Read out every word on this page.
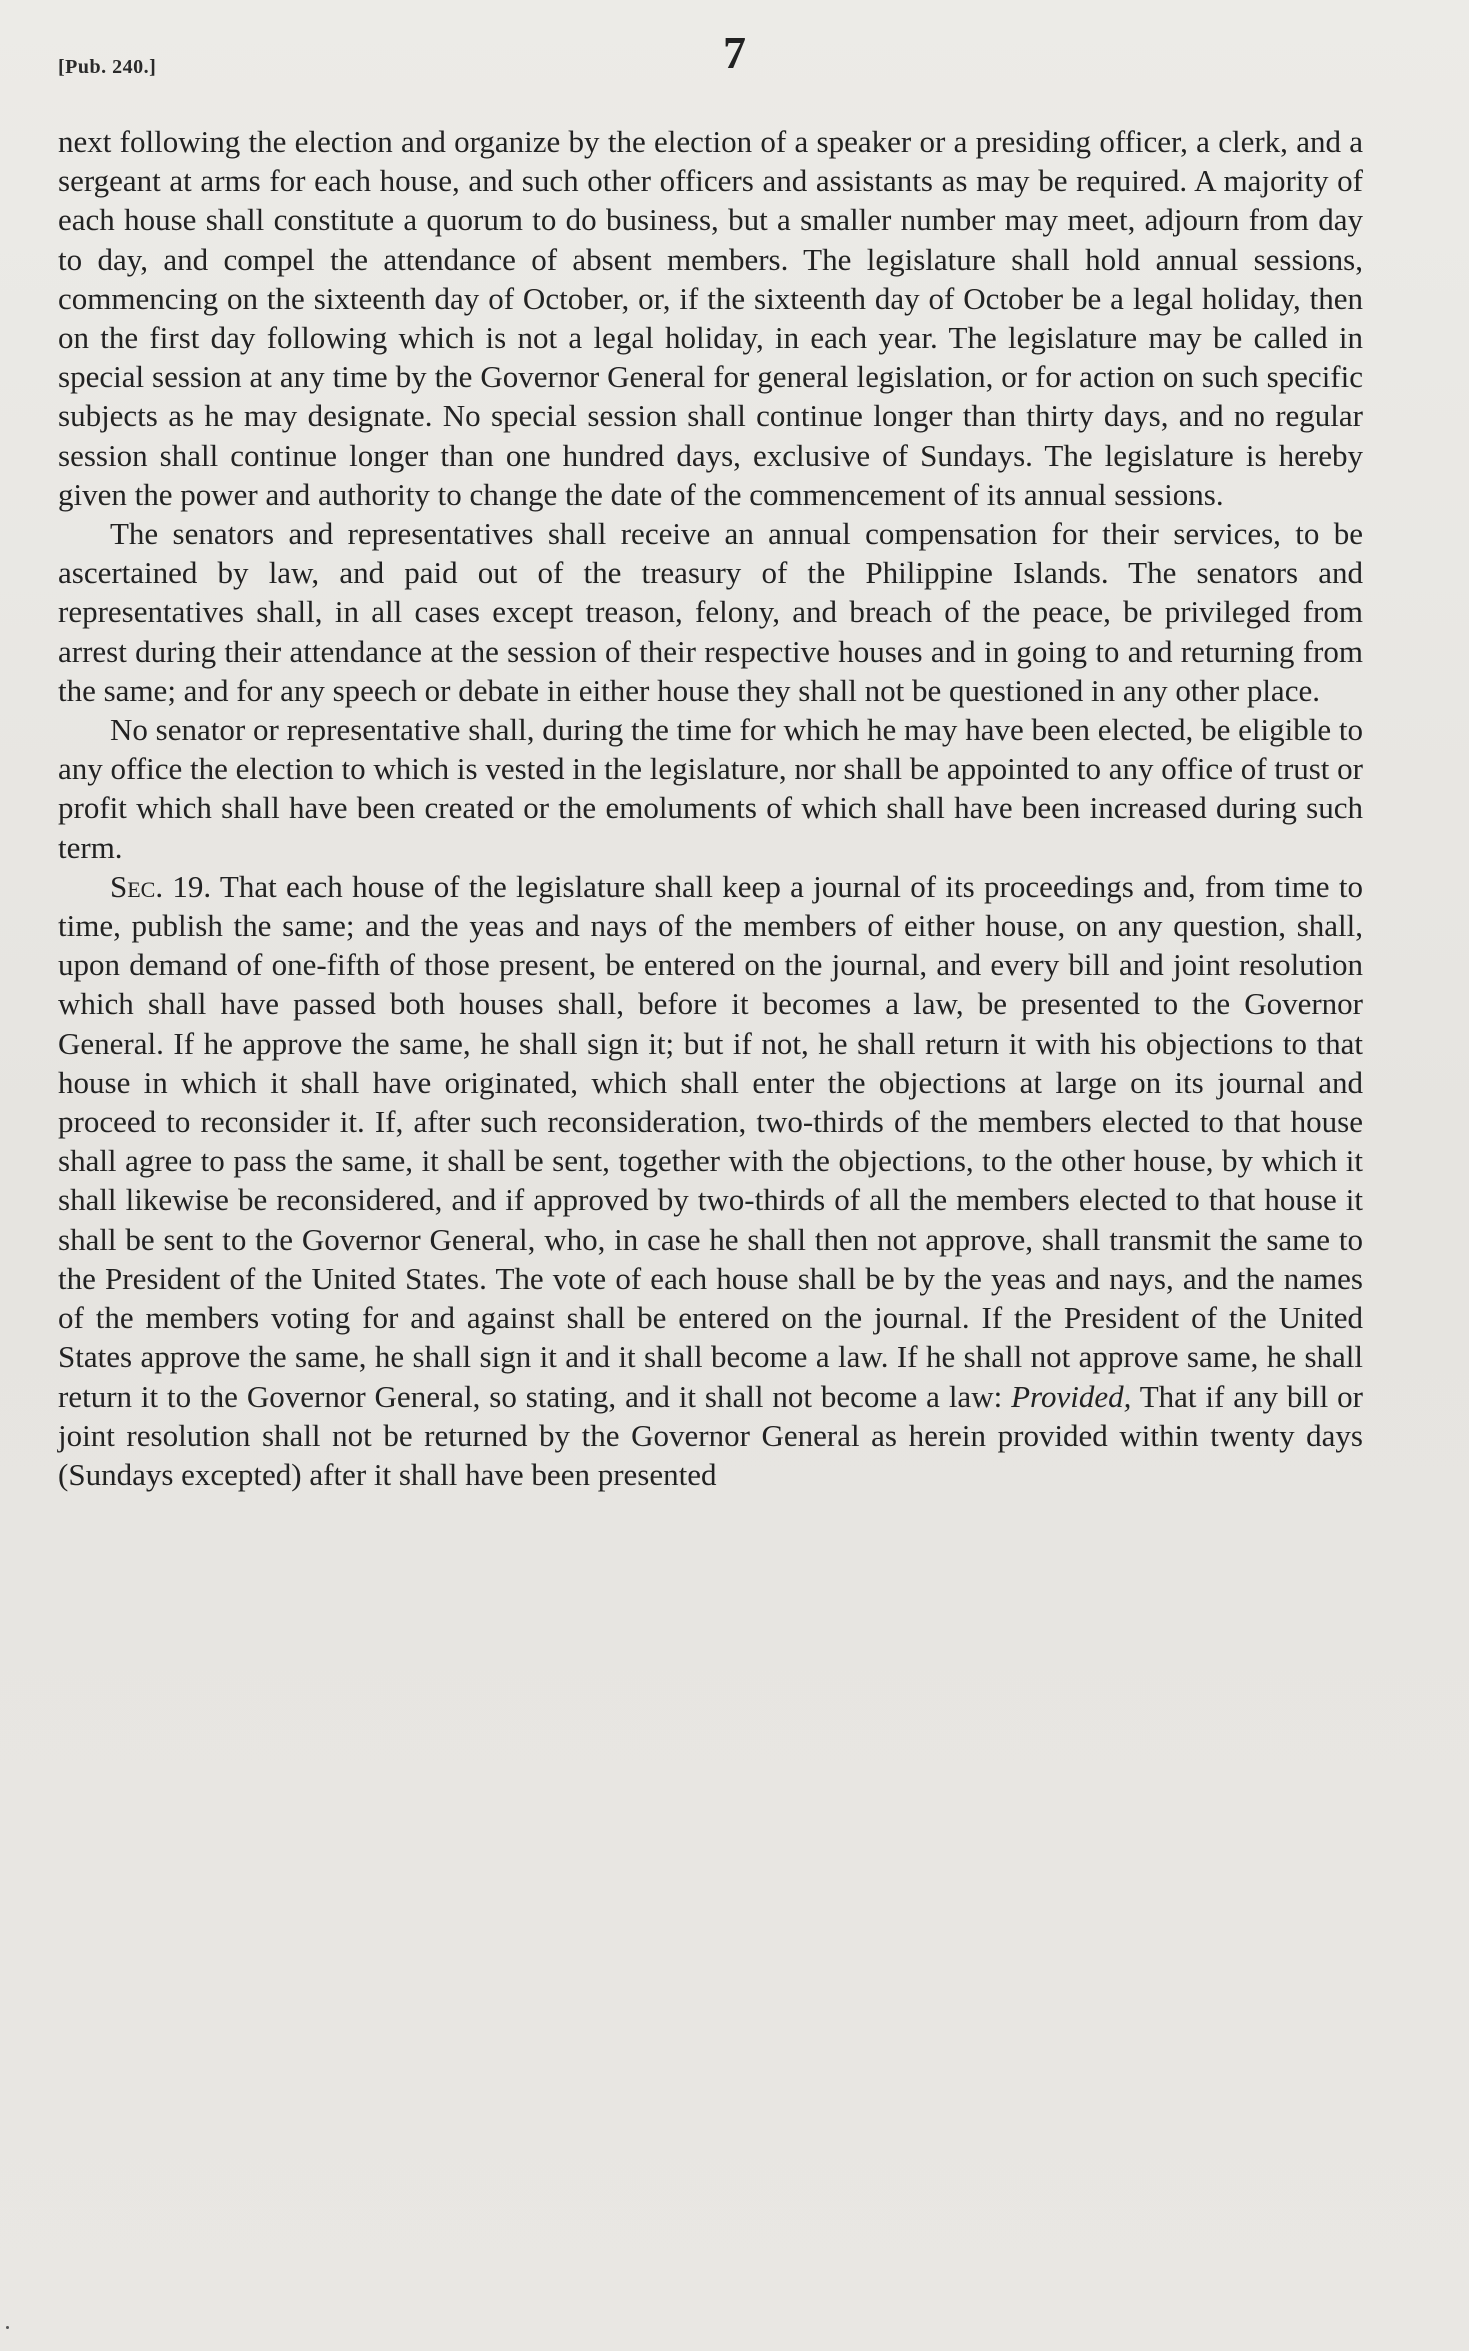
[Pub. 240.]	7

next following the election and organize by the election of a speaker or a presiding officer, a clerk, and a sergeant at arms for each house, and such other officers and assistants as may be required. A majority of each house shall constitute a quorum to do business, but a smaller number may meet, adjourn from day to day, and compel the attendance of absent members. The legislature shall hold annual sessions, commencing on the sixteenth day of October, or, if the sixteenth day of October be a legal holiday, then on the first day following which is not a legal holiday, in each year. The legislature may be called in special session at any time by the Governor General for general legislation, or for action on such specific subjects as he may designate. No special session shall continue longer than thirty days, and no regular session shall continue longer than one hundred days, exclusive of Sundays. The legislature is hereby given the power and authority to change the date of the commencement of its annual sessions.

The senators and representatives shall receive an annual compensation for their services, to be ascertained by law, and paid out of the treasury of the Philippine Islands. The senators and representatives shall, in all cases except treason, felony, and breach of the peace, be privileged from arrest during their attendance at the session of their respective houses and in going to and returning from the same; and for any speech or debate in either house they shall not be questioned in any other place.

No senator or representative shall, during the time for which he may have been elected, be eligible to any office the election to which is vested in the legislature, nor shall be appointed to any office of trust or profit which shall have been created or the emoluments of which shall have been increased during such term.

Sec. 19. That each house of the legislature shall keep a journal of its proceedings and, from time to time, publish the same; and the yeas and nays of the members of either house, on any question, shall, upon demand of one-fifth of those present, be entered on the journal, and every bill and joint resolution which shall have passed both houses shall, before it becomes a law, be presented to the Governor General. If he approve the same, he shall sign it; but if not, he shall return it with his objections to that house in which it shall have originated, which shall enter the objections at large on its journal and proceed to reconsider it. If, after such reconsideration, two-thirds of the members elected to that house shall agree to pass the same, it shall be sent, together with the objections, to the other house, by which it shall likewise be reconsidered, and if approved by two-thirds of all the members elected to that house it shall be sent to the Governor General, who, in case he shall then not approve, shall transmit the same to the President of the United States. The vote of each house shall be by the yeas and nays, and the names of the members voting for and against shall be entered on the journal. If the President of the United States approve the same, he shall sign it and it shall become a law. If he shall not approve same, he shall return it to the Governor General, so stating, and it shall not become a law: Provided, That if any bill or joint resolution shall not be returned by the Governor General as herein provided within twenty days (Sundays excepted) after it shall have been presented
